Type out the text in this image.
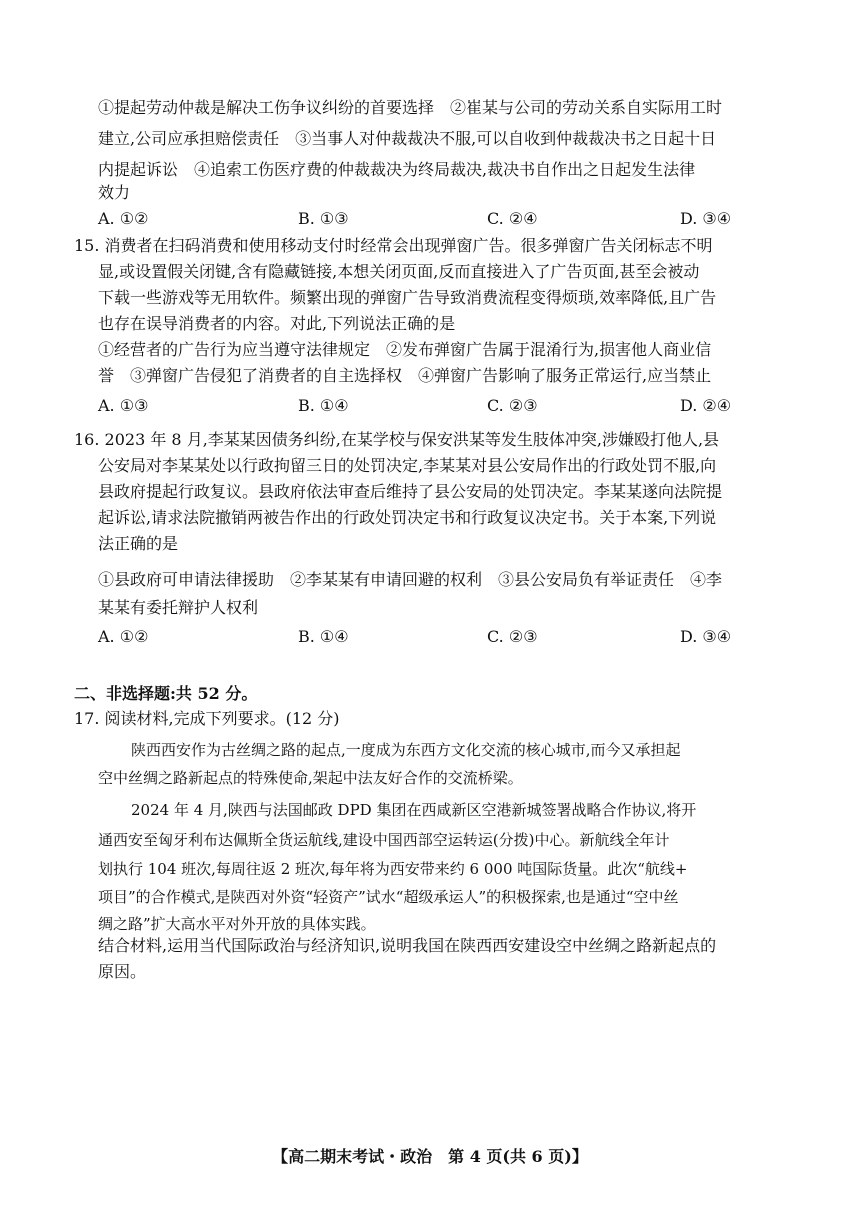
①提起劳动仲裁是解决工伤争议纠纷的首要选择　②崔某与公司的劳动关系自实际用工时
建立,公司应承担赔偿责任　③当事人对仲裁裁决不服,可以自收到仲裁裁决书之日起十日
内提起诉讼　④追索工伤医疗费的仲裁裁决为终局裁决,裁决书自作出之日起发生法律
效力
A. ①②	B. ①③	C. ②④	D. ③④
15. 消费者在扫码消费和使用移动支付时经常会出现弹窗广告。很多弹窗广告关闭标志不明
显,或设置假关闭键,含有隐藏链接,本想关闭页面,反而直接进入了广告页面,甚至会被动
下载一些游戏等无用软件。频繁出现的弹窗广告导致消费流程变得烦琐,效率降低,且广告
也存在误导消费者的内容。对此,下列说法正确的是
①经营者的广告行为应当遵守法律规定　②发布弹窗广告属于混淆行为,损害他人商业信
誉　③弹窗广告侵犯了消费者的自主选择权　④弹窗广告影响了服务正常运行,应当禁止
A. ①③	B. ①④	C. ②③	D. ②④
16. 2023 年 8 月,李某某因债务纠纷,在某学校与保安洪某等发生肢体冲突,涉嫌殴打他人,县
公安局对李某某处以行政拘留三日的处罚决定,李某某对县公安局作出的行政处罚不服,向
县政府提起行政复议。县政府依法审查后维持了县公安局的处罚决定。李某某遂向法院提
起诉讼,请求法院撤销两被告作出的行政处罚决定书和行政复议决定书。关于本案,下列说
法正确的是
①县政府可申请法律援助　②李某某有申请回避的权利　③县公安局负有举证责任　④李
某某有委托辩护人权利
A. ①②	B. ①④	C. ②③	D. ③④
二、非选择题:共 52 分。
17. 阅读材料,完成下列要求。(12 分)
陕西西安作为古丝绸之路的起点,一度成为东西方文化交流的核心城市,而今又承担起
空中丝绸之路新起点的特殊使命,架起中法友好合作的交流桥梁。
2024 年 4 月,陕西与法国邮政 DPD 集团在西咸新区空港新城签署战略合作协议,将开
通西安至匈牙利布达佩斯全货运航线,建设中国西部空运转运(分拨)中心。新航线全年计
划执行 104 班次,每周往返 2 班次,每年将为西安带来约 6 000 吨国际货量。此次“航线+
项目”的合作模式,是陕西对外资“轻资产”试水“超级承运人”的积极探索,也是通过“空中丝
绸之路”扩大高水平对外开放的具体实践。
结合材料,运用当代国际政治与经济知识,说明我国在陕西西安建设空中丝绸之路新起点的
原因。
【高二期末考试・政治　第 4 页(共 6 页)】
